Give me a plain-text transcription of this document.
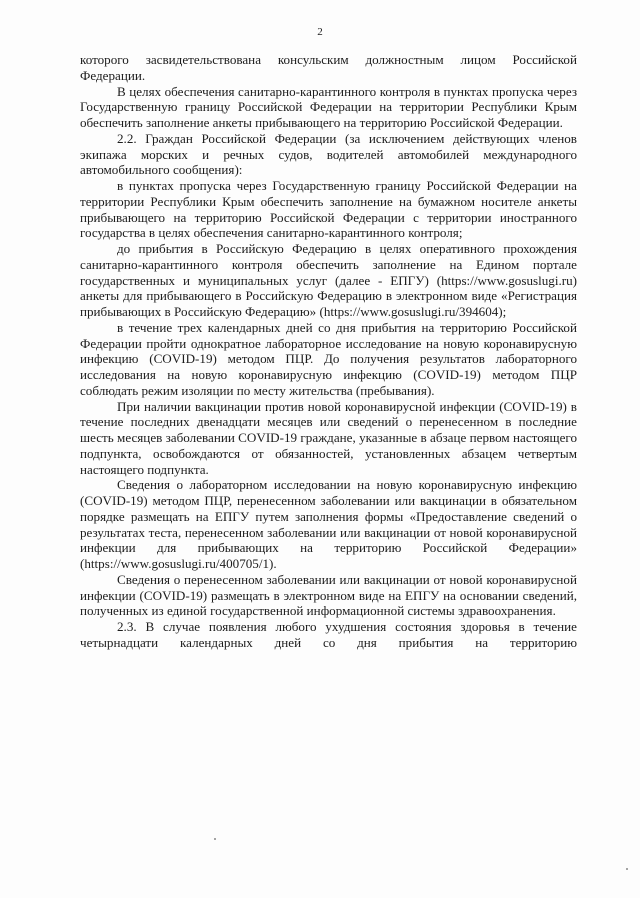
2

которого засвидетельствована консульским должностным лицом Российской Федерации.

В целях обеспечения санитарно-карантинного контроля в пунктах пропуска через Государственную границу Российской Федерации на территории Республики Крым обеспечить заполнение анкеты прибывающего на территорию Российской Федерации.

2.2. Граждан Российской Федерации (за исключением действующих членов экипажа морских и речных судов, водителей автомобилей международного автомобильного сообщения):

в пунктах пропуска через Государственную границу Российской Федерации на территории Республики Крым обеспечить заполнение на бумажном носителе анкеты прибывающего на территорию Российской Федерации с территории иностранного государства в целях обеспечения санитарно-карантинного контроля;

до прибытия в Российскую Федерацию в целях оперативного прохождения санитарно-карантинного контроля обеспечить заполнение на Едином портале государственных и муниципальных услуг (далее - ЕПГУ) (https://www.gosuslugi.ru) анкеты для прибывающего в Российскую Федерацию в электронном виде «Регистрация прибывающих в Российскую Федерацию» (https://www.gosuslugi.ru/394604);

в течение трех календарных дней со дня прибытия на территорию Российской Федерации пройти однократное лабораторное исследование на новую коронавирусную инфекцию (COVID-19) методом ПЦР. До получения результатов лабораторного исследования на новую коронавирусную инфекцию (COVID-19) методом ПЦР соблюдать режим изоляции по месту жительства (пребывания).

При наличии вакцинации против новой коронавирусной инфекции (COVID-19) в течение последних двенадцати месяцев или сведений о перенесенном в последние шесть месяцев заболевании COVID-19 граждане, указанные в абзаце первом настоящего подпункта, освобождаются от обязанностей, установленных абзацем четвертым настоящего подпункта.

Сведения о лабораторном исследовании на новую коронавирусную инфекцию (COVID-19) методом ПЦР, перенесенном заболевании или вакцинации в обязательном порядке размещать на ЕПГУ путем заполнения формы «Предоставление сведений о результатах теста, перенесенном заболевании или вакцинации от новой коронавирусной инфекции для прибывающих на территорию Российской Федерации» (https://www.gosuslugi.ru/400705/1).

Сведения о перенесенном заболевании или вакцинации от новой коронавирусной инфекции (COVID-19) размещать в электронном виде на ЕПГУ на основании сведений, полученных из единой государственной информационной системы здравоохранения.

2.3. В случае появления любого ухудшения состояния здоровья в течение четырнадцати календарных дней со дня прибытия на территорию
